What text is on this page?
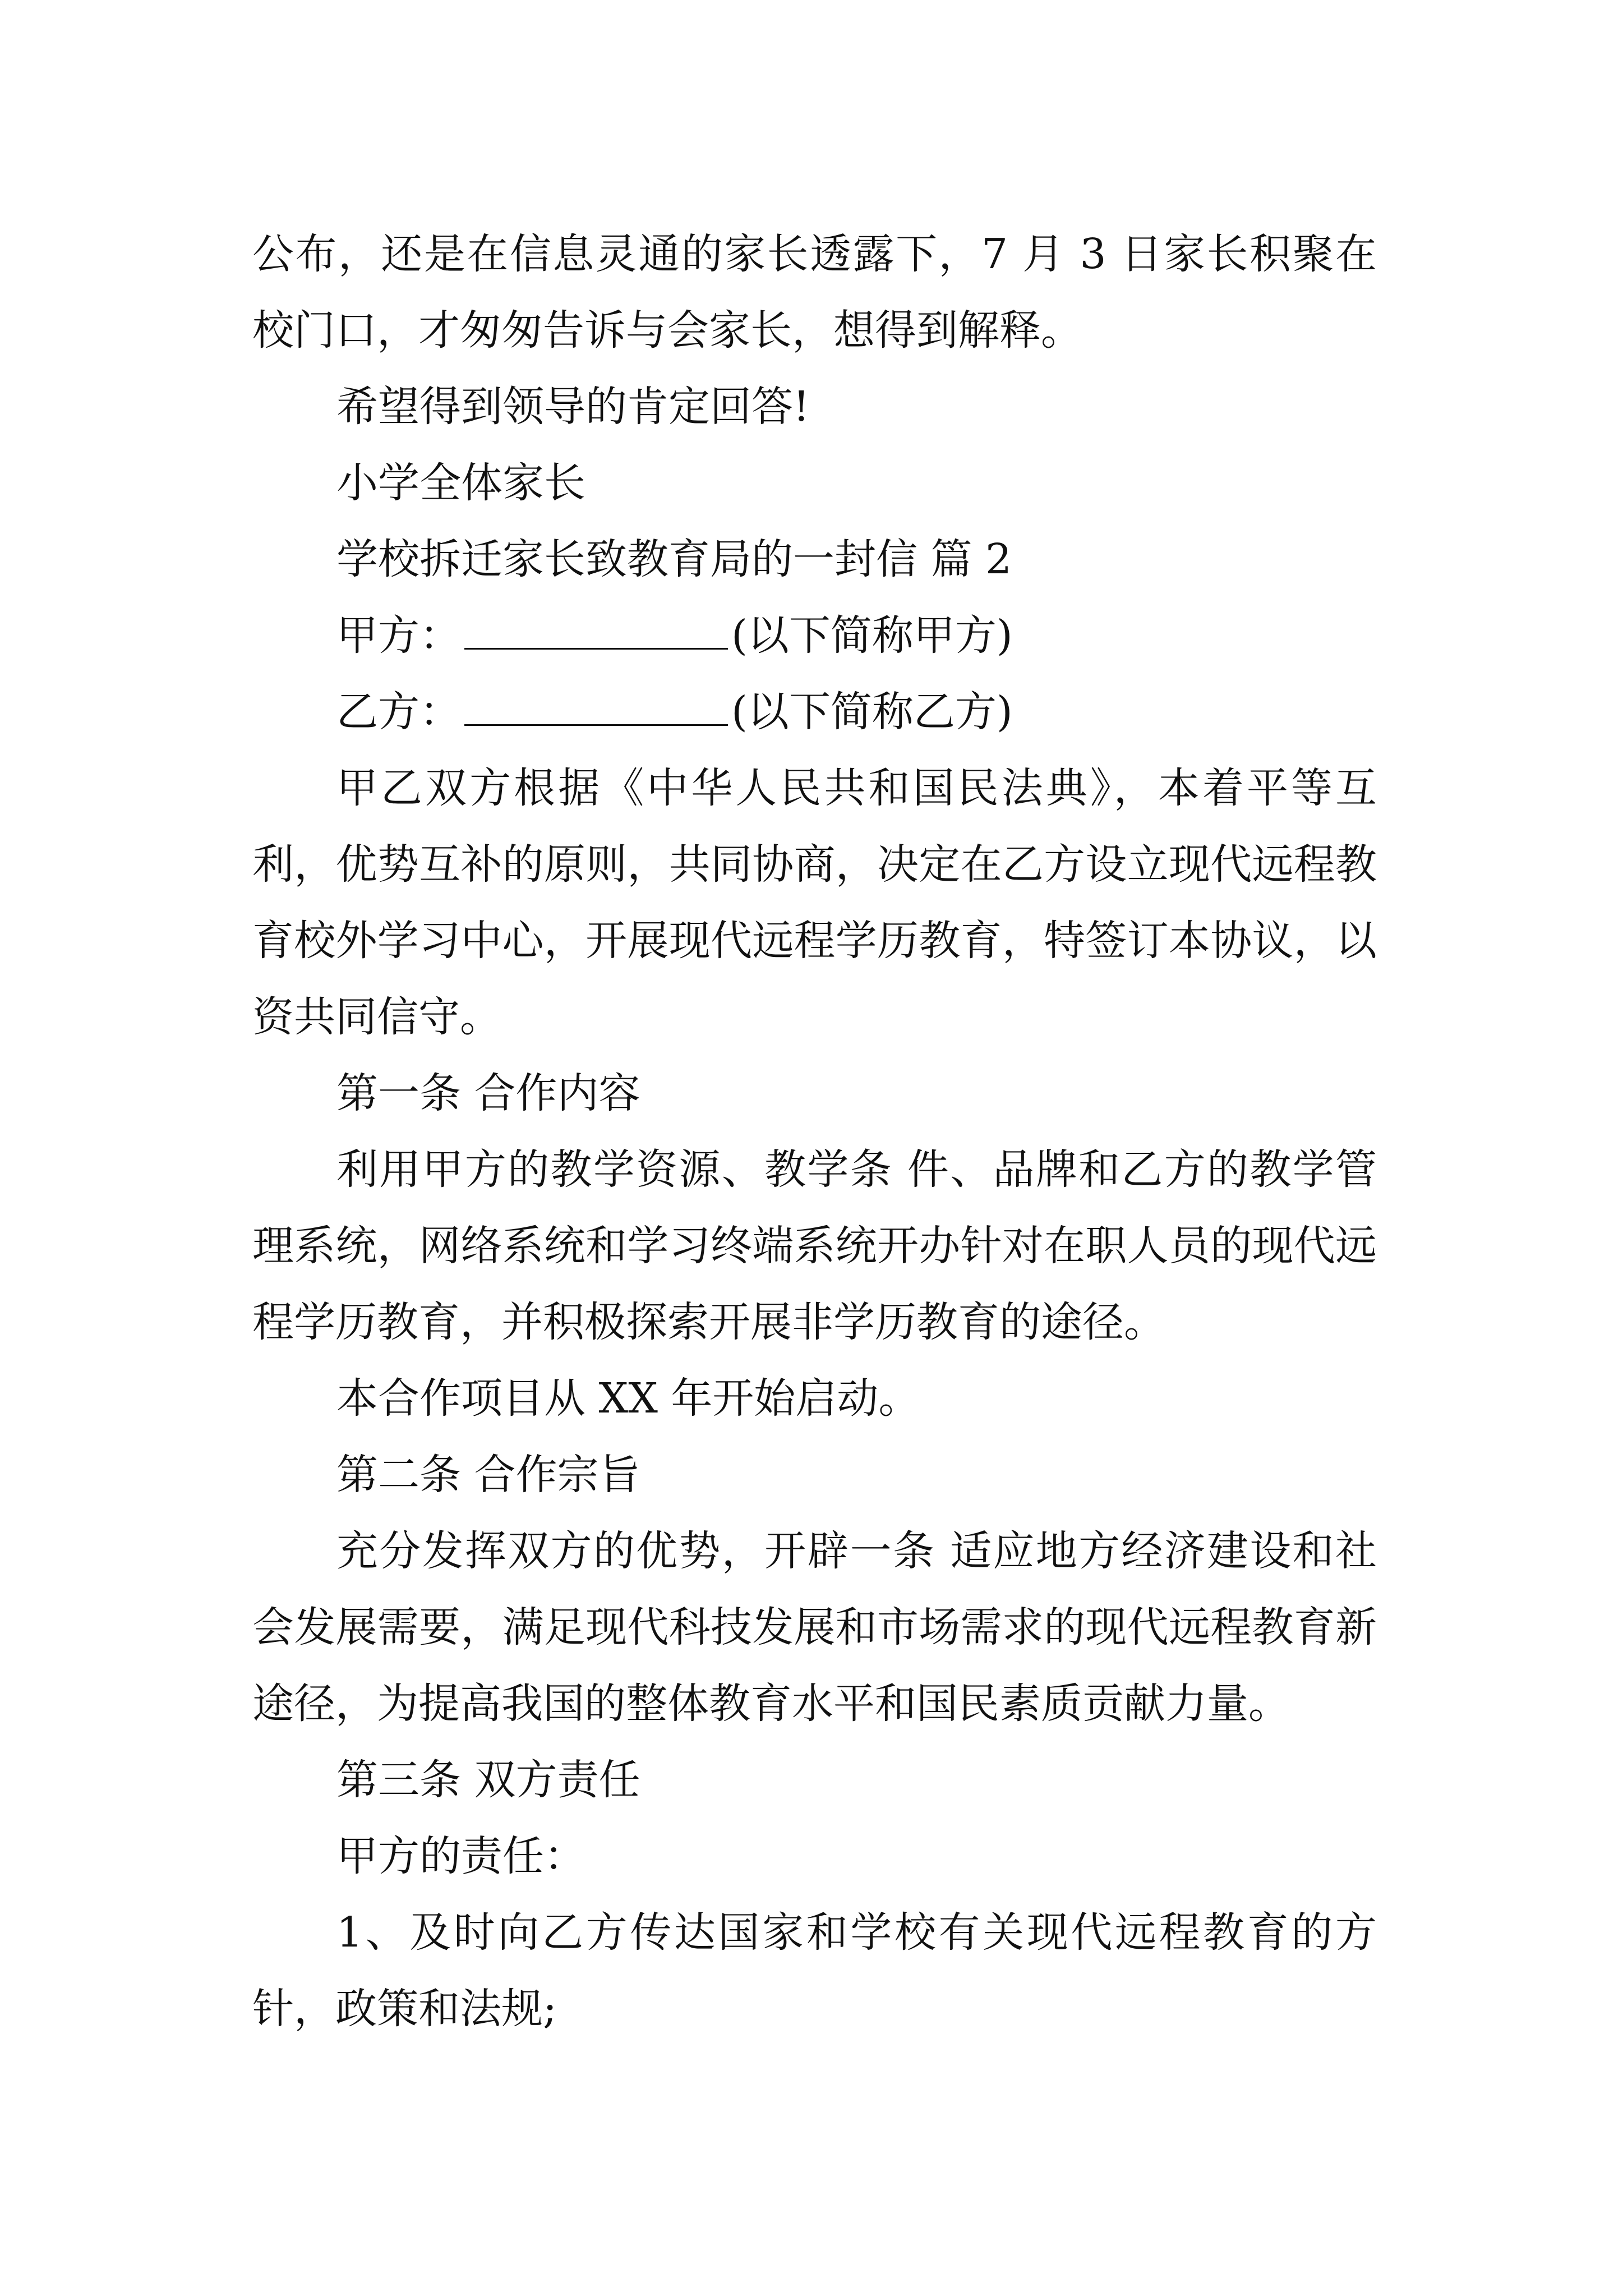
公布，还是在信息灵通的家长透露下，7 月 3 日家长积聚在校门口，才匆匆告诉与会家长，想得到解释。

希望得到领导的肯定回答!

小学全体家长

学校拆迁家长致教育局的一封信 篇 2

甲方：	(以下简称甲方)

乙方：	(以下简称乙方)

甲乙双方根据《中华人民共和国民法典》，本着平等互利，优势互补的原则，共同协商，决定在乙方设立现代远程教育校外学习中心，开展现代远程学历教育，特签订本协议，以资共同信守。

第一条 合作内容

利用甲方的教学资源、教学条 件、品牌和乙方的教学管理系统，网络系统和学习终端系统开办针对在职人员的现代远程学历教育，并积极探索开展非学历教育的途径。

本合作项目从 XX 年开始启动。

第二条 合作宗旨

充分发挥双方的优势，开辟一条 适应地方经济建设和社会发展需要，满足现代科技发展和市场需求的现代远程教育新途径，为提高我国的整体教育水平和国民素质贡献力量。

第三条 双方责任

甲方的责任：

1、及时向乙方传达国家和学校有关现代远程教育的方针，政策和法规;
